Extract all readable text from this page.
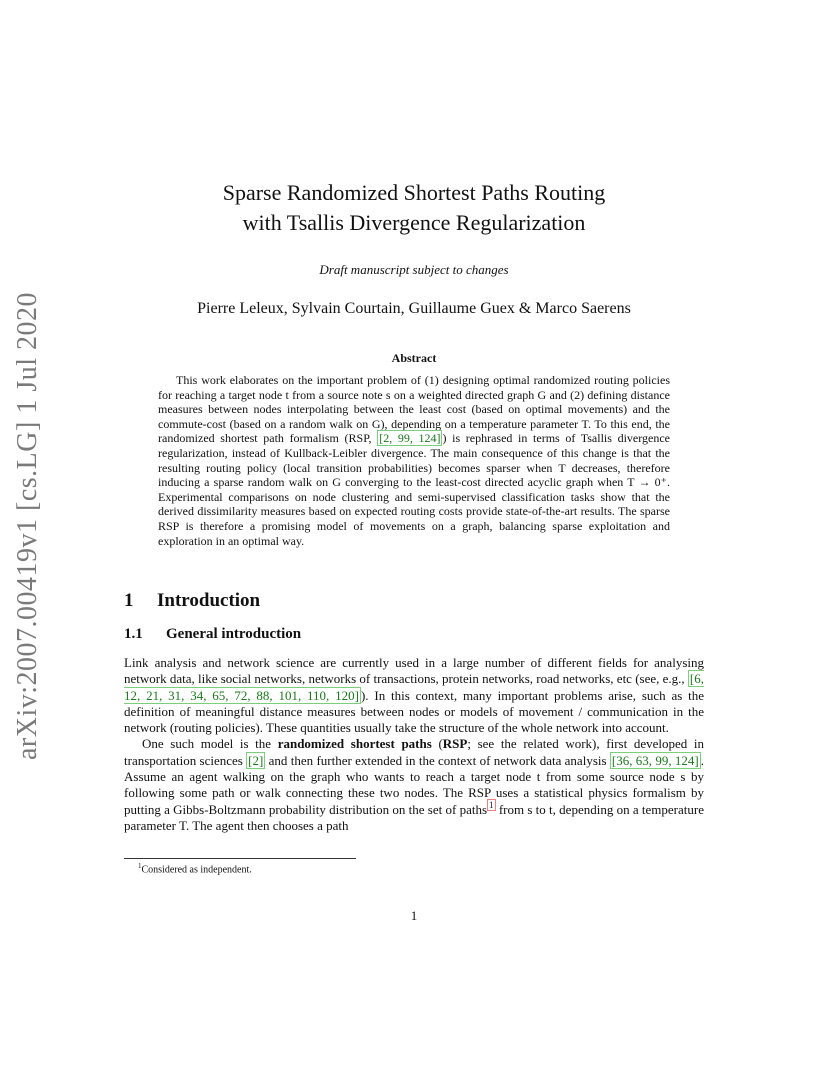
arXiv:2007.00419v1 [cs.LG] 1 Jul 2020
Sparse Randomized Shortest Paths Routing
with Tsallis Divergence Regularization
Draft manuscript subject to changes
Pierre Leleux, Sylvain Courtain, Guillaume Guex & Marco Saerens
Abstract
This work elaborates on the important problem of (1) designing optimal randomized routing policies for reaching a target node t from a source note s on a weighted directed graph G and (2) defining distance measures between nodes interpolating between the least cost (based on optimal movements) and the commute-cost (based on a random walk on G), depending on a temperature parameter T. To this end, the randomized shortest path formalism (RSP, [2, 99, 124] ) is rephrased in terms of Tsallis divergence regularization, instead of Kullback-Leibler divergence. The main consequence of this change is that the resulting routing policy (local transition probabilities) becomes sparser when T decreases, therefore inducing a sparse random walk on G converging to the least-cost directed acyclic graph when T → 0⁺. Experimental comparisons on node clustering and semi-supervised classification tasks show that the derived dissimilarity measures based on expected routing costs provide state-of-the-art results. The sparse RSP is therefore a promising model of movements on a graph, balancing sparse exploitation and exploration in an optimal way.
1 Introduction
1.1 General introduction

Link analysis and network science are currently used in a large number of different fields for analysing network data, like social networks, networks of transactions, protein networks, road networks, etc (see, e.g., [6, 12, 21, 31, 34, 65, 72, 88, 101, 110, 120] ). In this context, many important problems arise, such as the definition of meaningful distance measures between nodes or models of movement / communication in the network (routing policies). These quantities usually take the structure of the whole network into account.

One such model is the randomized shortest paths (RSP; see the related work), first developed in transportation sciences [2] and then further extended in the context of network data analysis [36, 63, 99, 124] . Assume an agent walking on the graph who wants to reach a target node t from some source node s by following some path or walk connecting these two nodes. The RSP uses a statistical physics formalism by putting a Gibbs-Boltzmann probability distribution on the set of paths $^1$ from s to t, depending on a temperature parameter T. The agent then chooses a path

$^1$Considered as independent.
1
